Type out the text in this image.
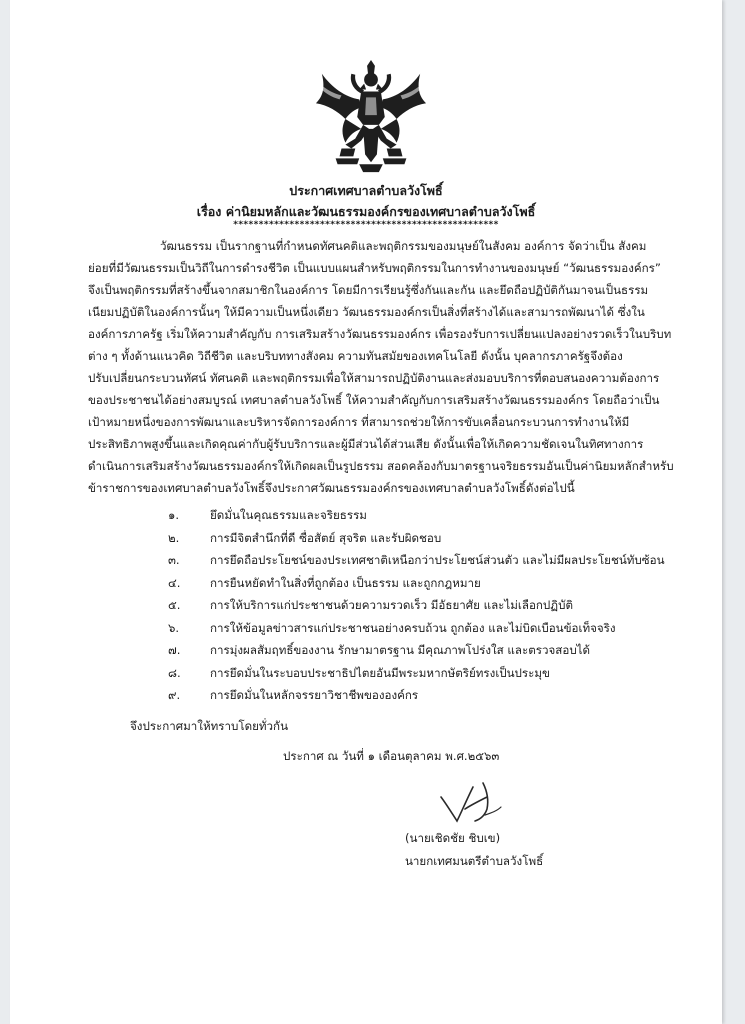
ประกาศเทศบาลตำบลวังโพธิ์
เรื่อง ค่านิยมหลักและวัฒนธรรมองค์กรของเทศบาลตำบลวังโพธิ์
****************************************************
วัฒนธรรม เป็นรากฐานที่กำหนดทัศนคติและพฤติกรรมของมนุษย์ในสังคม องค์การ จัดว่าเป็น สังคม
ย่อยที่มีวัฒนธรรมเป็นวิถีในการดำรงชีวิต เป็นแบบแผนสำหรับพฤติกรรมในการทำงานของมนุษย์ “วัฒนธรรมองค์กร”
จึงเป็นพฤติกรรมที่สร้างขึ้นจากสมาชิกในองค์การ โดยมีการเรียนรู้ซึ่งกันและกัน และยึดถือปฏิบัติกันมาจนเป็นธรรม
เนียมปฏิบัติในองค์การนั้นๆ ให้มีความเป็นหนึ่งเดียว วัฒนธรรมองค์กรเป็นสิ่งที่สร้างได้และสามารถพัฒนาได้ ซึ่งใน
องค์การภาครัฐ เริ่มให้ความสำคัญกับ การเสริมสร้างวัฒนธรรมองค์กร เพื่อรองรับการเปลี่ยนแปลงอย่างรวดเร็วในบริบท
ต่าง ๆ ทั้งด้านแนวคิด วิถีชีวิต และบริบททางสังคม ความทันสมัยของเทคโนโลยี ดังนั้น บุคลากรภาครัฐจึงต้อง
ปรับเปลี่ยนกระบวนทัศน์ ทัศนคติ และพฤติกรรมเพื่อให้สามารถปฏิบัติงานและส่งมอบบริการที่ตอบสนองความต้องการ
ของประชาชนได้อย่างสมบูรณ์ เทศบาลตำบลวังโพธิ์ ให้ความสำคัญกับการเสริมสร้างวัฒนธรรมองค์กร โดยถือว่าเป็น
เป้าหมายหนึ่งของการพัฒนาและบริหารจัดการองค์การ ที่สามารถช่วยให้การขับเคลื่อนกระบวนการทำงานให้มี
ประสิทธิภาพสูงขึ้นและเกิดคุณค่ากับผู้รับบริการและผู้มีส่วนได้ส่วนเสีย ดังนั้นเพื่อให้เกิดความชัดเจนในทิศทางการ
ดำเนินการเสริมสร้างวัฒนธรรมองค์กรให้เกิดผลเป็นรูปธรรม สอดคล้องกับมาตรฐานจริยธรรมอันเป็นค่านิยมหลักสำหรับ
ข้าราชการของเทศบาลตำบลวังโพธิ์จึงประกาศวัฒนธรรมองค์กรของเทศบาลตำบลวังโพธิ์ดังต่อไปนี้
๑.	ยึดมั่นในคุณธรรมและจริยธรรม
๒.	การมีจิตสำนึกที่ดี ซื่อสัตย์ สุจริต และรับผิดชอบ
๓.	การยึดถือประโยชน์ของประเทศชาติเหนือกว่าประโยชน์ส่วนตัว และไม่มีผลประโยชน์ทับซ้อน
๔.	การยืนหยัดทำในสิ่งที่ถูกต้อง เป็นธรรม และถูกกฎหมาย
๕.	การให้บริการแก่ประชาชนด้วยความรวดเร็ว มีอัธยาศัย และไม่เลือกปฏิบัติ
๖.	การให้ข้อมูลข่าวสารแก่ประชาชนอย่างครบถ้วน ถูกต้อง และไม่บิดเบือนข้อเท็จจริง
๗.	การมุ่งผลสัมฤทธิ์ของงาน รักษามาตรฐาน มีคุณภาพโปร่งใส และตรวจสอบได้
๘.	การยึดมั่นในระบอบประชาธิปไตยอันมีพระมหากษัตริย์ทรงเป็นประมุข
๙.	การยึดมั่นในหลักจรรยาวิชาชีพขององค์กร
จึงประกาศมาให้ทราบโดยทั่วกัน
ประกาศ ณ วันที่ ๑ เดือนตุลาคม พ.ศ.๒๕๖๓
(นายเชิดชัย ชิบเข)
นายกเทศมนตรีตำบลวังโพธิ์
